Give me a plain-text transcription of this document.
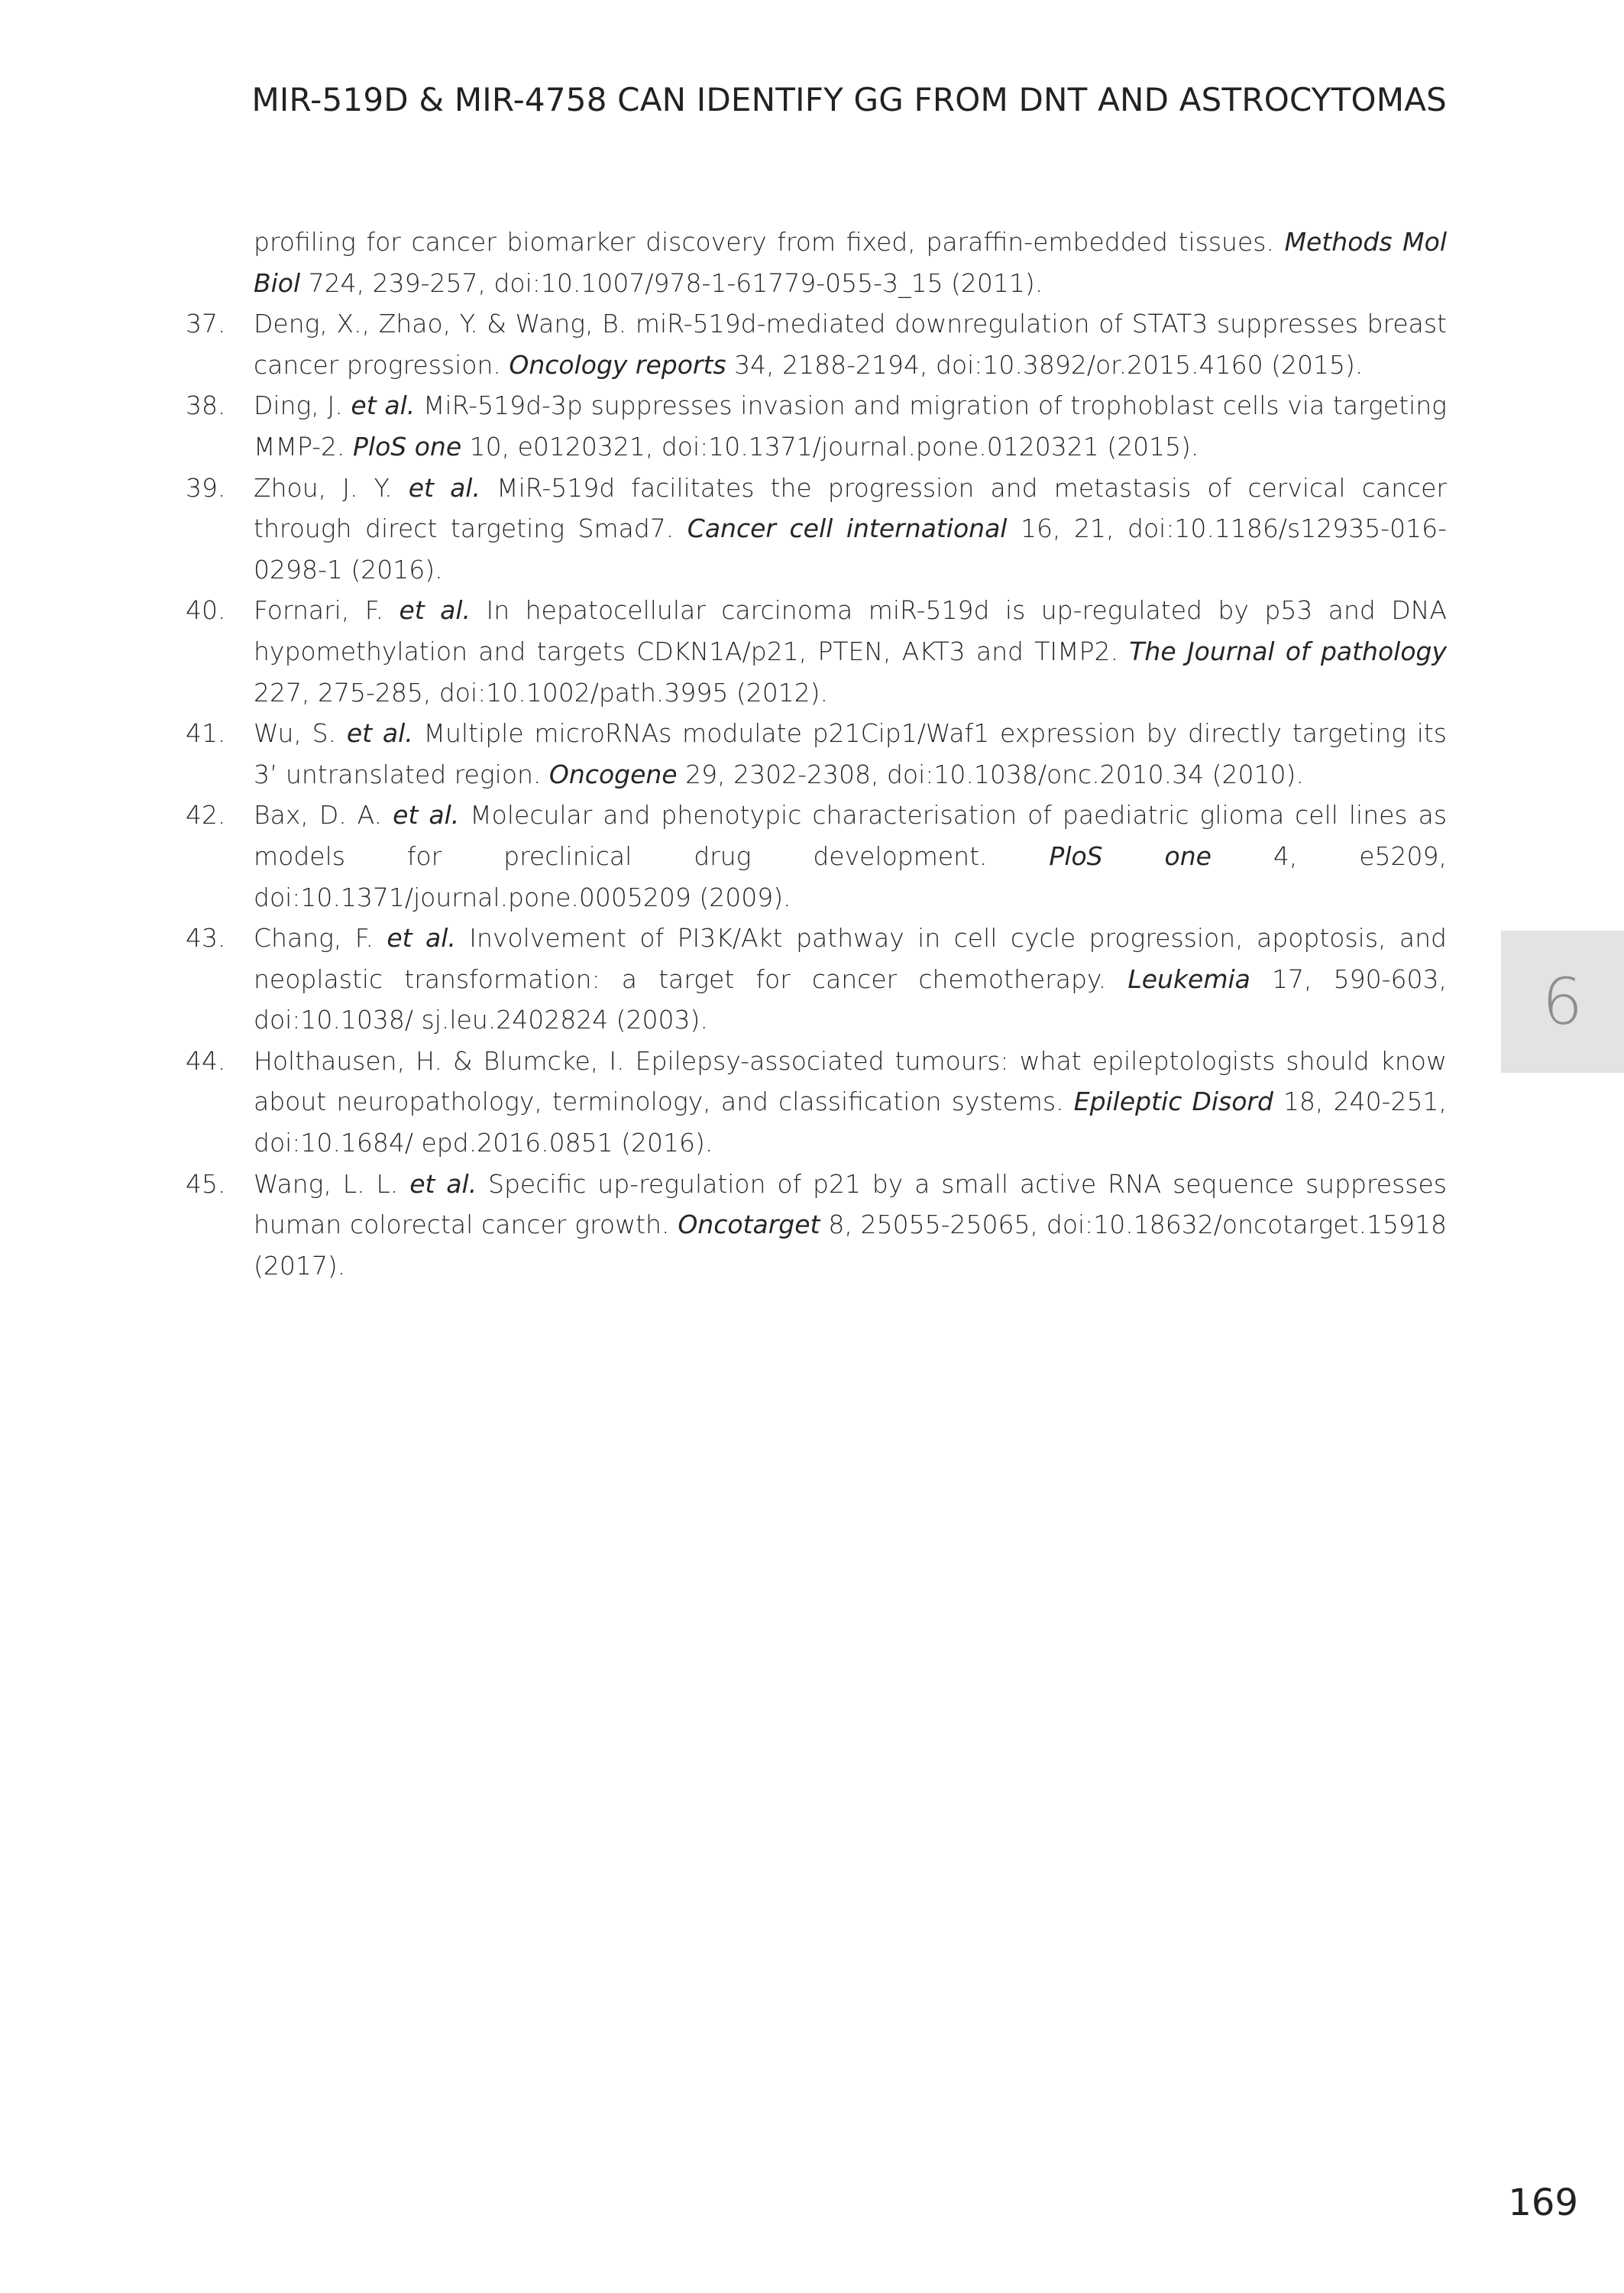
MIR-519D & MIR-4758 CAN IDENTIFY GG FROM DNT AND ASTROCYTOMAS
profiling for cancer biomarker discovery from fixed, paraffin-embedded tissues. Methods Mol Biol 724, 239-257, doi:10.1007/978-1-61779-055-3_15 (2011).
37. Deng, X., Zhao, Y. & Wang, B. miR-519d-mediated downregulation of STAT3 suppresses breast cancer progression. Oncology reports 34, 2188-2194, doi:10.3892/or.2015.4160 (2015).
38. Ding, J. et al. MiR-519d-3p suppresses invasion and migration of trophoblast cells via targeting MMP-2. PloS one 10, e0120321, doi:10.1371/journal.pone.0120321 (2015).
39. Zhou, J. Y. et al. MiR-519d facilitates the progression and metastasis of cervical cancer through direct targeting Smad7. Cancer cell international 16, 21, doi:10.1186/s12935-016-0298-1 (2016).
40. Fornari, F. et al. In hepatocellular carcinoma miR-519d is up-regulated by p53 and DNA hypomethylation and targets CDKN1A/p21, PTEN, AKT3 and TIMP2. The Journal of pathology 227, 275-285, doi:10.1002/path.3995 (2012).
41. Wu, S. et al. Multiple microRNAs modulate p21Cip1/Waf1 expression by directly targeting its 3’ untranslated region. Oncogene 29, 2302-2308, doi:10.1038/onc.2010.34 (2010).
42. Bax, D. A. et al. Molecular and phenotypic characterisation of paediatric glioma cell lines as models for preclinical drug development. PloS one 4, e5209, doi:10.1371/journal.pone.0005209 (2009).
43. Chang, F. et al. Involvement of PI3K/Akt pathway in cell cycle progression, apoptosis, and neoplastic transformation: a target for cancer chemotherapy. Leukemia 17, 590-603, doi:10.1038/ sj.leu.2402824 (2003).
44. Holthausen, H. & Blumcke, I. Epilepsy-associated tumours: what epileptologists should know about neuropathology, terminology, and classification systems. Epileptic Disord 18, 240-251, doi:10.1684/ epd.2016.0851 (2016).
45. Wang, L. L. et al. Specific up-regulation of p21 by a small active RNA sequence suppresses human colorectal cancer growth. Oncotarget 8, 25055-25065, doi:10.18632/oncotarget.15918 (2017).
6
169
